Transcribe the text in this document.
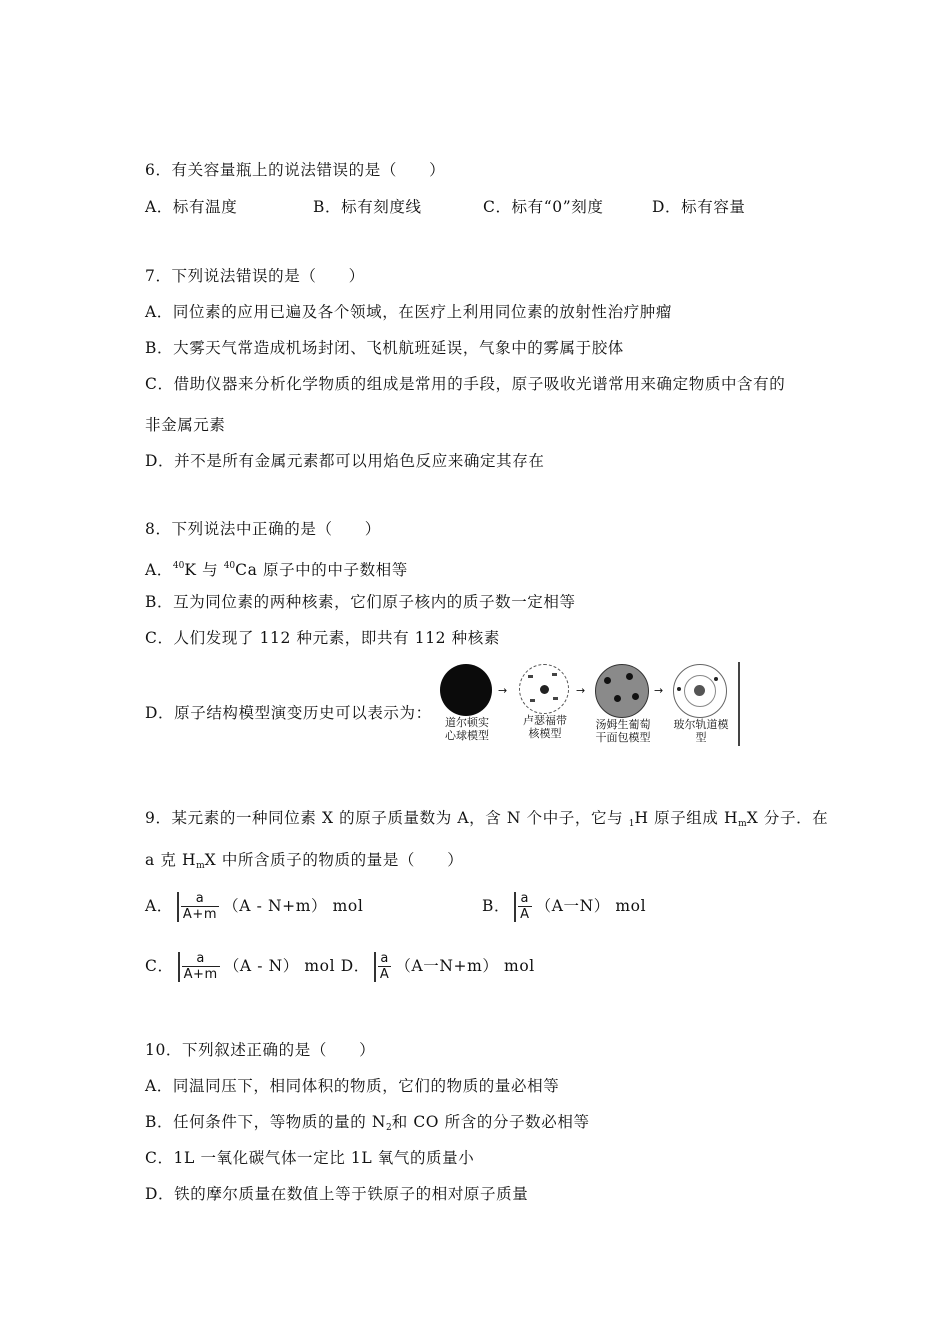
6．有关容量瓶上的说法错误的是（　　）
A．标有温度	B．标有刻度线	C．标有“0”刻度	D．标有容量
7．下列说法错误的是（　　）
A．同位素的应用已遍及各个领域，在医疗上利用同位素的放射性治疗肿瘤
B．大雾天气常造成机场封闭、飞机航班延误，气象中的雾属于胶体
C．借助仪器来分析化学物质的组成是常用的手段，原子吸收光谱常用来确定物质中含有的
非金属元素
D．并不是所有金属元素都可以用焰色反应来确定其存在
8．下列说法中正确的是（　　）
A．$^{40}$K 与 $^{40}$Ca 原子中的中子数相等
B．互为同位素的两种核素，它们原子核内的质子数一定相等
C．人们发现了 112 种元素，即共有 112 种核素
D．原子结构模型演变历史可以表示为：
道尔顿实
心球模型
→
卢瑟福带
核模型
→
汤姆生葡萄
干面包模型
→
玻尔轨道模
型
9．某元素的一种同位素 X 的原子质量数为 A，含 N 个中子，它与 $_1$H 原子组成 $H_mX$ 分子．在
a 克 $H_mX$ 中所含质子的物质的量是（　　）
A． $\frac{a}{A+m} (A - N+m)$ mol	B． $\frac{a}{A} (A$一N） mol
C． $\frac{a}{A+m} (A - N)$ mol D． $\frac{a}{A} (A$一N+m） mol
10．下列叙述正确的是（　　）
A．同温同压下，相同体积的物质，它们的物质的量必相等
B．任何条件下，等物质的量的 $N_2$和 CO 所含的分子数必相等
C．1L 一氧化碳气体一定比 1L 氧气的质量小
D．铁的摩尔质量在数值上等于铁原子的相对原子质量
